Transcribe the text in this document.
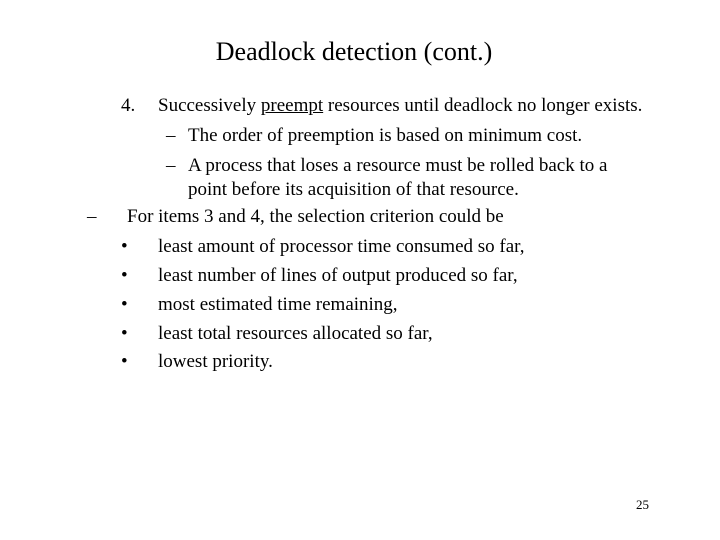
Deadlock detection (cont.)
4. Successively preempt resources until deadlock no longer exists.
– The order of preemption is based on minimum cost.
– A process that loses a resource must be rolled back to a
point before its acquisition of that resource.
– For items 3 and 4, the selection criterion could be
• least amount of processor time consumed so far,
• least number of lines of output produced so far,
• most estimated time remaining,
• least total resources allocated so far,
• lowest priority.
25
